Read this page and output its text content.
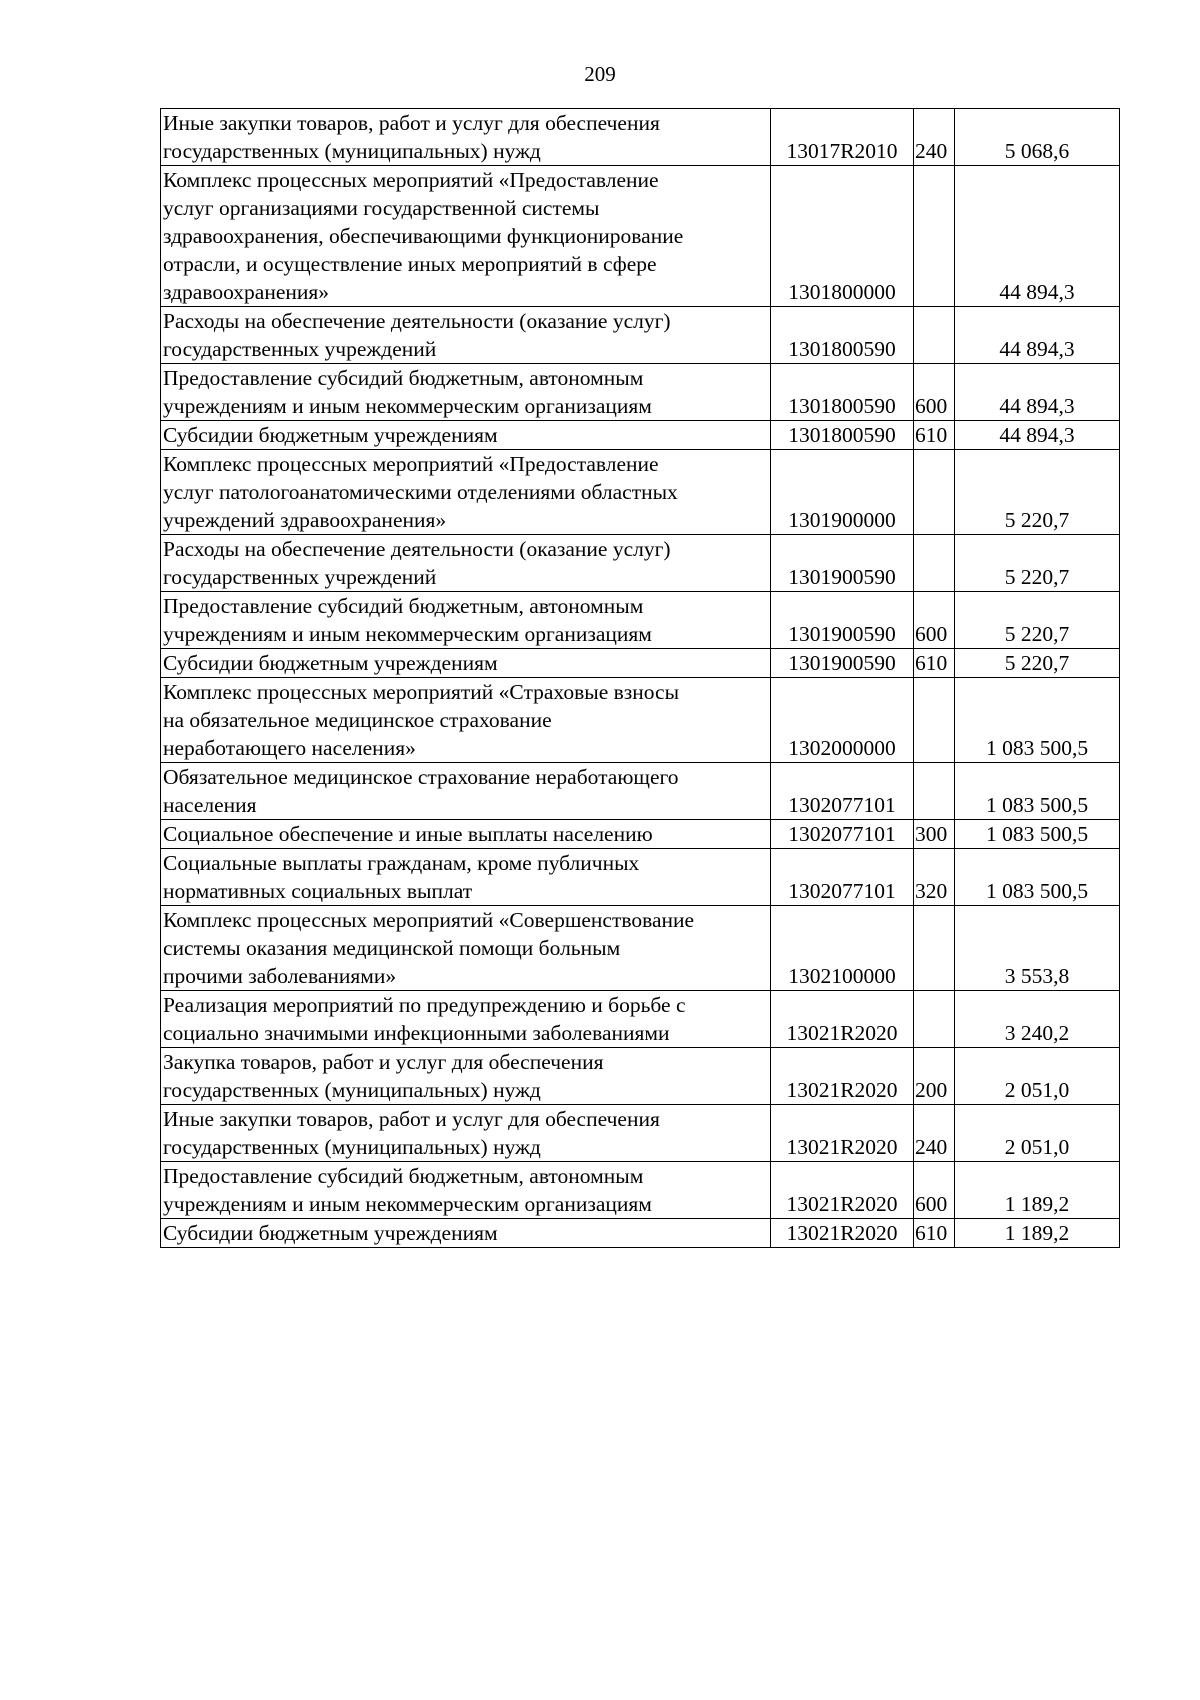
209
Иные закупки товаров, работ и услуг для обеспечения
государственных (муниципальных) нужд	13017R2010	240	5 068,6
Комплекс процессных мероприятий «Предоставление
услуг организациями государственной системы
здравоохранения, обеспечивающими функционирование
отрасли, и осуществление иных мероприятий в сфере
здравоохранения»	1301800000		44 894,3
Расходы на обеспечение деятельности (оказание услуг)
государственных учреждений	1301800590		44 894,3
Предоставление субсидий бюджетным, автономным
учреждениям и иным некоммерческим организациям	1301800590	600	44 894,3
Субсидии бюджетным учреждениям	1301800590	610	44 894,3
Комплекс процессных мероприятий «Предоставление
услуг патологоанатомическими отделениями областных
учреждений здравоохранения»	1301900000		5 220,7
Расходы на обеспечение деятельности (оказание услуг)
государственных учреждений	1301900590		5 220,7
Предоставление субсидий бюджетным, автономным
учреждениям и иным некоммерческим организациям	1301900590	600	5 220,7
Субсидии бюджетным учреждениям	1301900590	610	5 220,7
Комплекс процессных мероприятий «Страховые взносы
на обязательное медицинское страхование
неработающего населения»	1302000000		1 083 500,5
Обязательное медицинское страхование неработающего
населения	1302077101		1 083 500,5
Социальное обеспечение и иные выплаты населению	1302077101	300	1 083 500,5
Социальные выплаты гражданам, кроме публичных
нормативных социальных выплат	1302077101	320	1 083 500,5
Комплекс процессных мероприятий «Совершенствование
системы оказания медицинской помощи больным
прочими заболеваниями»	1302100000		3 553,8
Реализация мероприятий по предупреждению и борьбе с
социально значимыми инфекционными заболеваниями	13021R2020		3 240,2
Закупка товаров, работ и услуг для обеспечения
государственных (муниципальных) нужд	13021R2020	200	2 051,0
Иные закупки товаров, работ и услуг для обеспечения
государственных (муниципальных) нужд	13021R2020	240	2 051,0
Предоставление субсидий бюджетным, автономным
учреждениям и иным некоммерческим организациям	13021R2020	600	1 189,2
Субсидии бюджетным учреждениям	13021R2020	610	1 189,2
